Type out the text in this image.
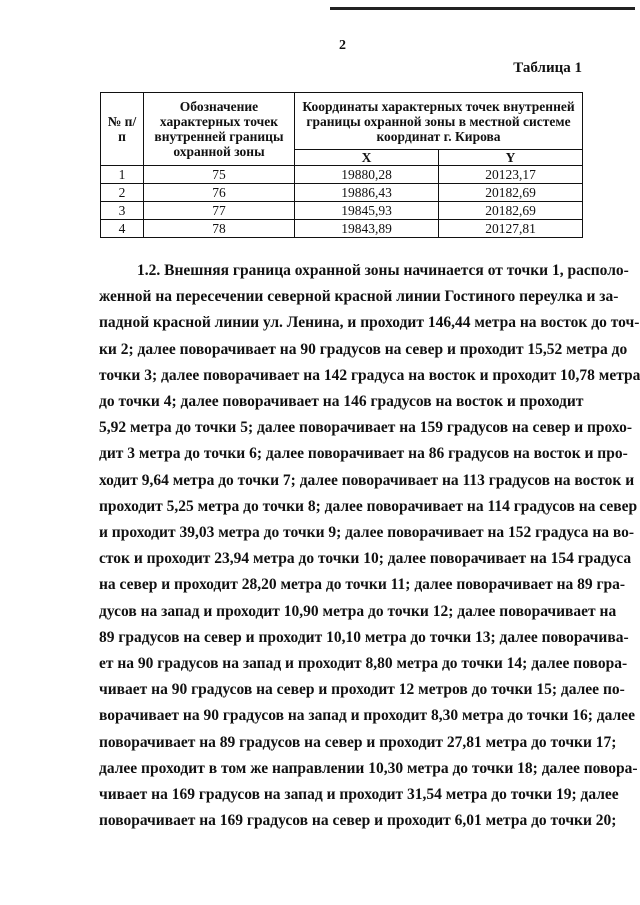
2
Таблица 1
№ п/п	Обозначение характерных точек внутренней границы охранной зоны	Координаты характерных точек внутренней границы охранной зоны в местной системе координат г. Кирова	
		X	Y
1	75	19880,28	20123,17
2	76	19886,43	20182,69
3	77	19845,93	20182,69
4	78	19843,89	20127,81
1.2. Внешняя граница охранной зоны начинается от точки 1, располо-
женной на пересечении северной красной линии Гостиного переулка и за-
падной красной линии ул. Ленина, и проходит 146,44 метра на восток до точ-
ки 2; далее поворачивает на 90 градусов на север и проходит 15,52 метра до
точки 3; далее поворачивает на 142 градуса на восток и проходит 10,78 метра
до точки 4; далее поворачивает на 146 градусов на восток и проходит
5,92 метра до точки 5; далее поворачивает на 159 градусов на север и прохо-
дит 3 метра до точки 6; далее поворачивает на 86 градусов на восток и про-
ходит 9,64 метра до точки 7; далее поворачивает на 113 градусов на восток и
проходит 5,25 метра до точки 8; далее поворачивает на 114 градусов на север
и проходит 39,03 метра до точки 9; далее поворачивает на 152 градуса на во-
сток и проходит 23,94 метра до точки 10; далее поворачивает на 154 градуса
на север и проходит 28,20 метра до точки 11; далее поворачивает на 89 гра-
дусов на запад и проходит 10,90 метра до точки 12; далее поворачивает на
89 градусов на север и проходит 10,10 метра до точки 13; далее поворачива-
ет на 90 градусов на запад и проходит 8,80 метра до точки 14; далее поворa-
чивает на 90 градусов на север и проходит 12 метров до точки 15; далее по-
ворачивает на 90 градусов на запад и проходит 8,30 метра до точки 16; далее
поворачивает на 89 градусов на север и проходит 27,81 метра до точки 17;
далее проходит в том же направлении 10,30 метра до точки 18; далее поворa-
чивает на 169 градусов на запад и проходит 31,54 метра до точки 19; далее
поворачивает на 169 градусов на север и проходит 6,01 метра до точки 20;
